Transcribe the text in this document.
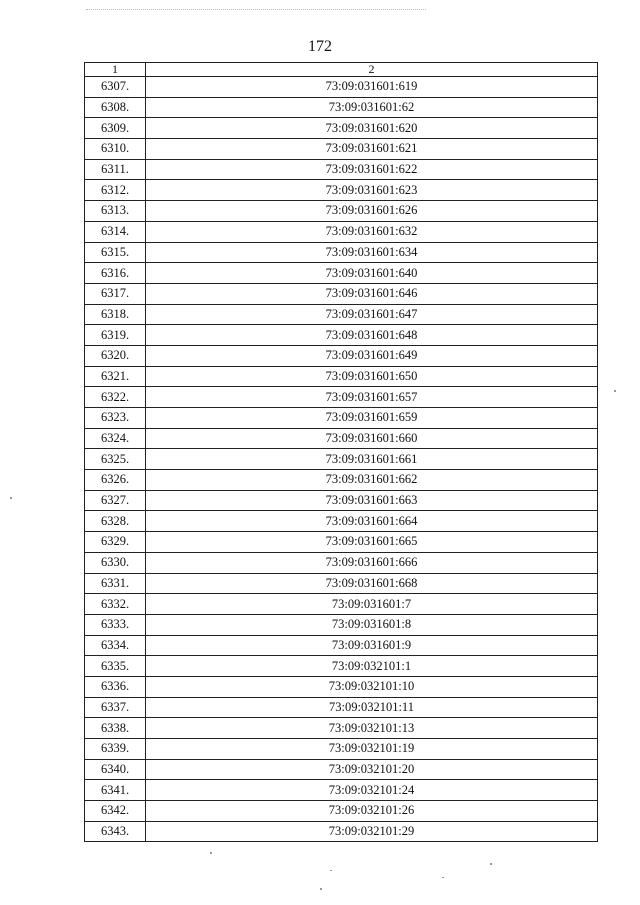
172
1	2
6307.	73:09:031601:619
6308.	73:09:031601:62
6309.	73:09:031601:620
6310.	73:09:031601:621
6311.	73:09:031601:622
6312.	73:09:031601:623
6313.	73:09:031601:626
6314.	73:09:031601:632
6315.	73:09:031601:634
6316.	73:09:031601:640
6317.	73:09:031601:646
6318.	73:09:031601:647
6319.	73:09:031601:648
6320.	73:09:031601:649
6321.	73:09:031601:650
6322.	73:09:031601:657
6323.	73:09:031601:659
6324.	73:09:031601:660
6325.	73:09:031601:661
6326.	73:09:031601:662
6327.	73:09:031601:663
6328.	73:09:031601:664
6329.	73:09:031601:665
6330.	73:09:031601:666
6331.	73:09:031601:668
6332.	73:09:031601:7
6333.	73:09:031601:8
6334.	73:09:031601:9
6335.	73:09:032101:1
6336.	73:09:032101:10
6337.	73:09:032101:11
6338.	73:09:032101:13
6339.	73:09:032101:19
6340.	73:09:032101:20
6341.	73:09:032101:24
6342.	73:09:032101:26
6343.	73:09:032101:29
